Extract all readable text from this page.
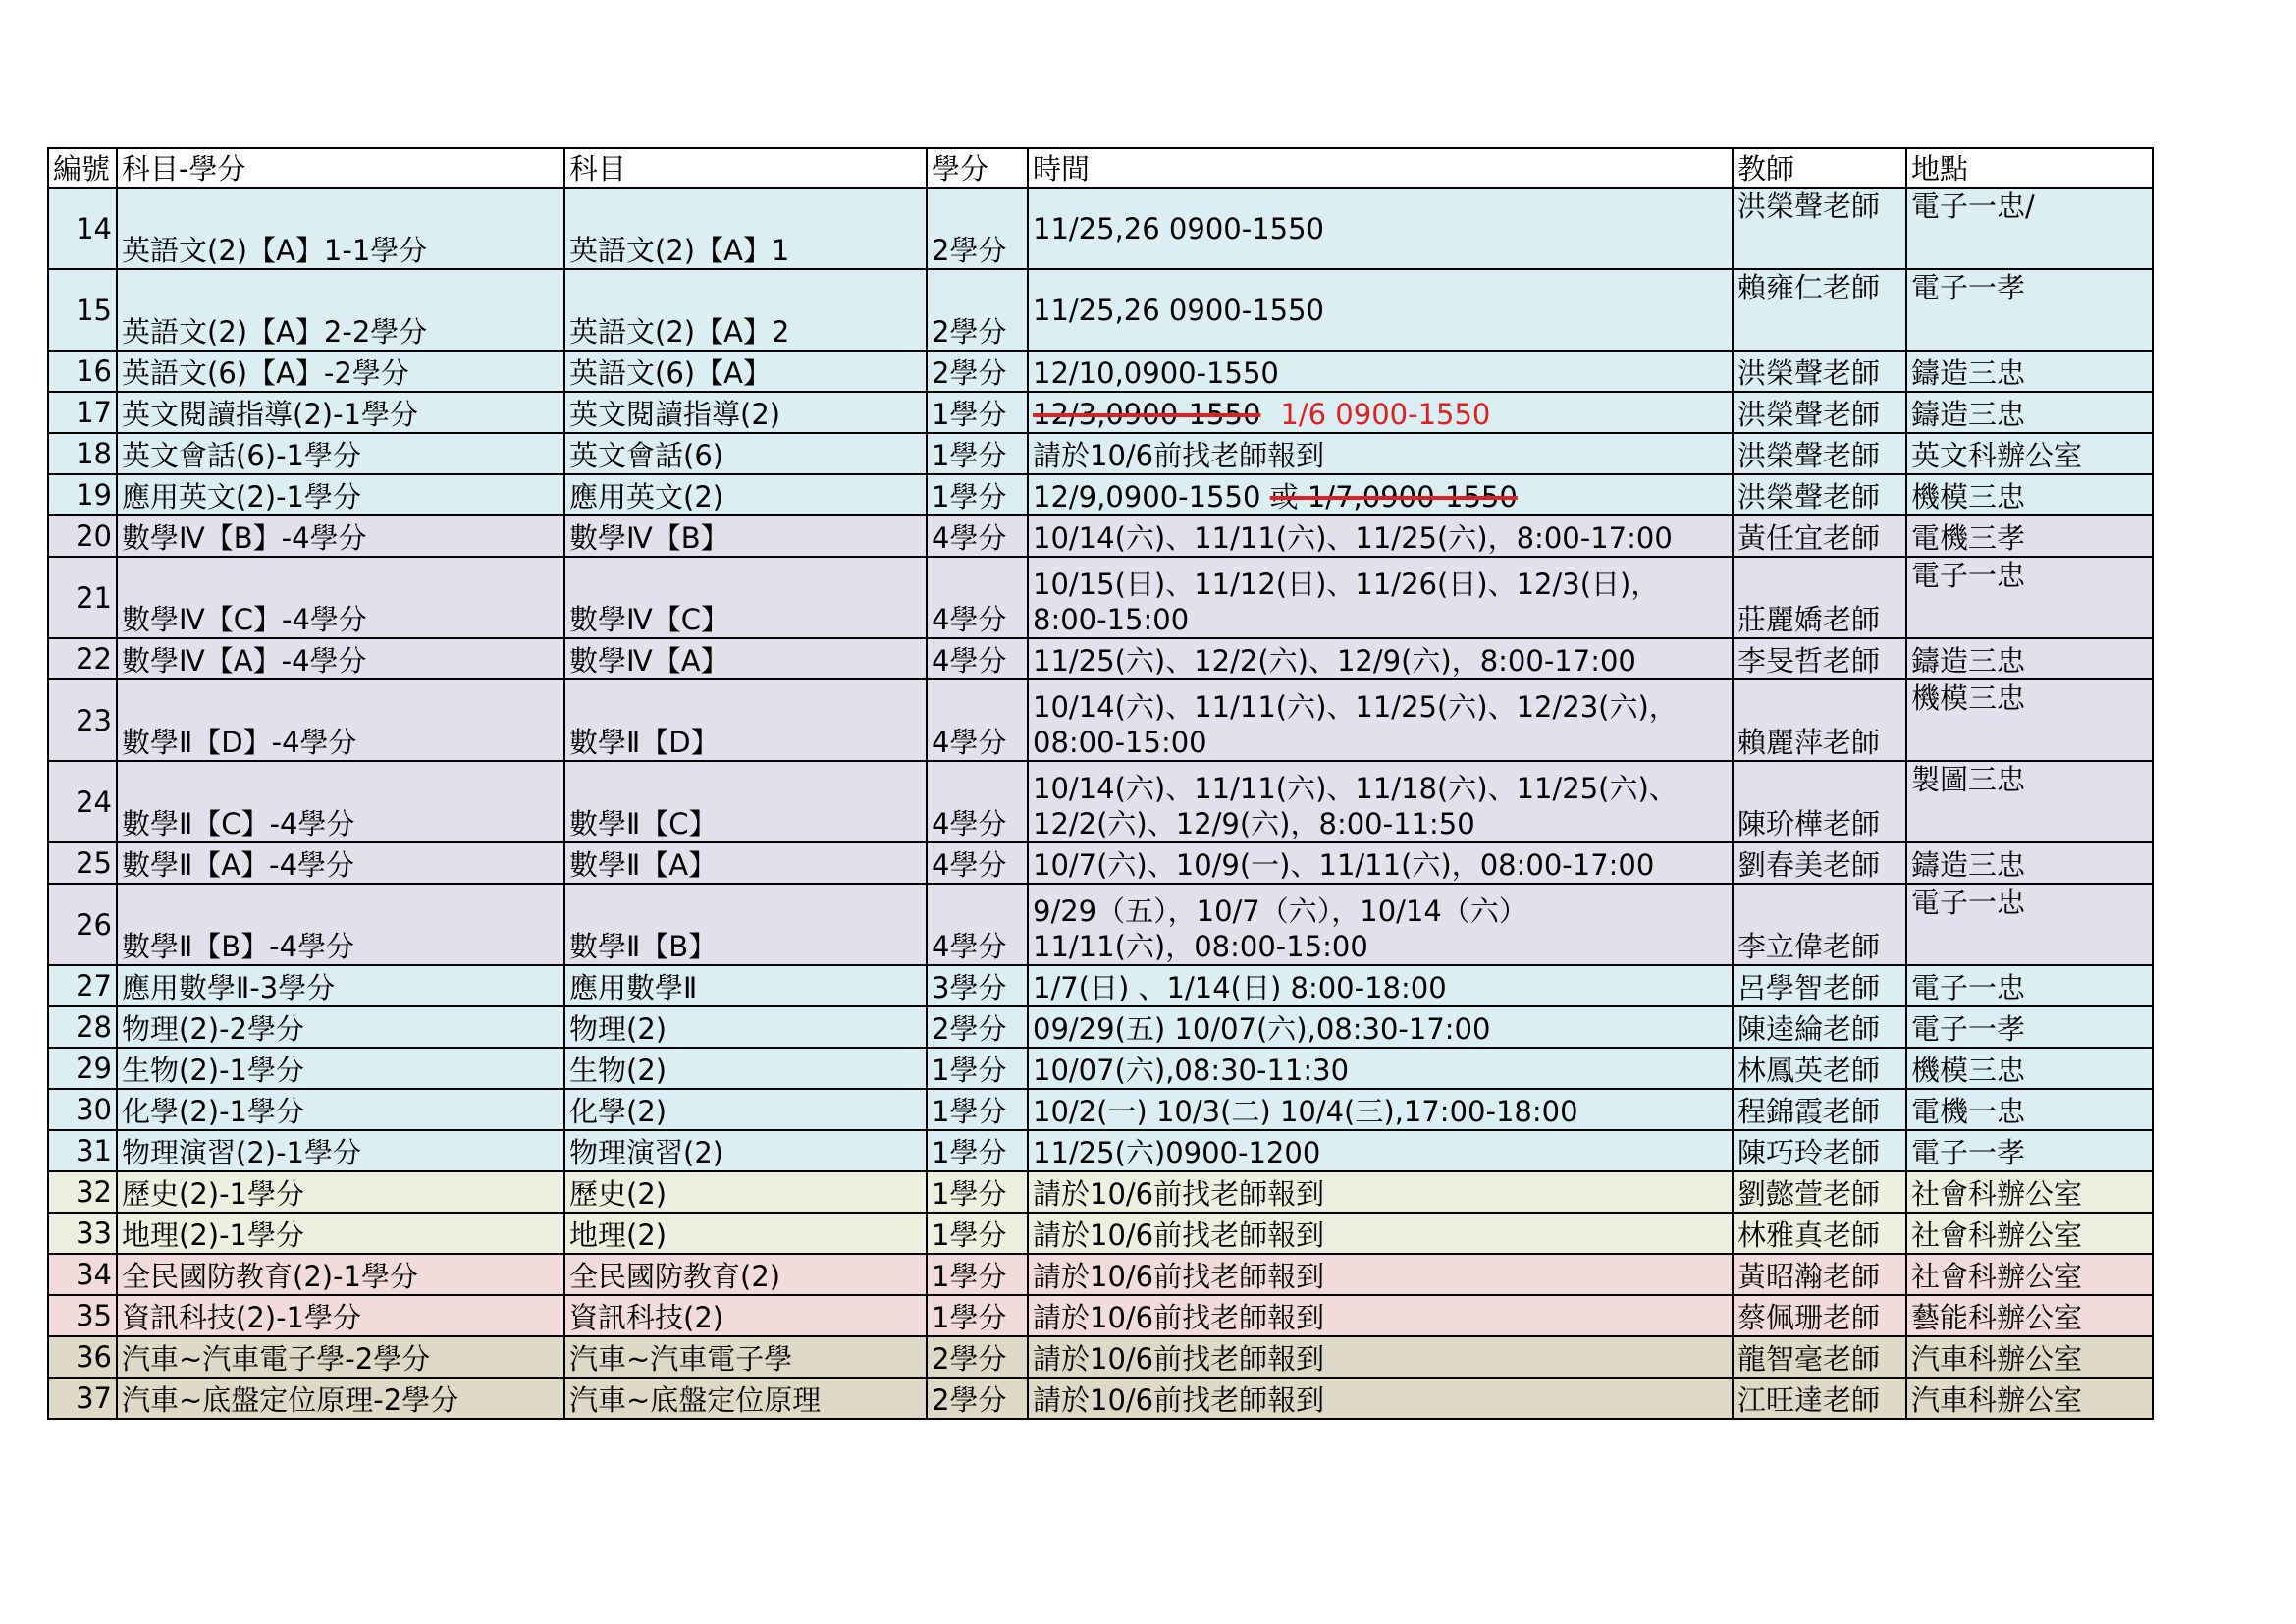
編號	科目-學分	科目	學分	時間	教師	地點
14	英語文(2)【A】1-1學分	英語文(2)【A】1	2學分	11/25,26 0900-1550	洪榮聲老師	電子一忠/
15	英語文(2)【A】2-2學分	英語文(2)【A】2	2學分	11/25,26 0900-1550	賴雍仁老師	電子一孝
16	英語文(6)【A】-2學分	英語文(6)【A】	2學分	12/10,0900-1550	洪榮聲老師	鑄造三忠
17	英文閱讀指導(2)-1學分	英文閱讀指導(2)	1學分	12/3,0900-1550 1/6 0900-1550	洪榮聲老師	鑄造三忠
18	英文會話(6)-1學分	英文會話(6)	1學分	請於10/6前找老師報到	洪榮聲老師	英文科辦公室
19	應用英文(2)-1學分	應用英文(2)	1學分	12/9,0900-1550 或 1/7,0900-1550	洪榮聲老師	機模三忠
20	數學Ⅳ【B】-4學分	數學Ⅳ【B】	4學分	10/14(六)、11/11(六)、11/25(六)，8:00-17:00	黃任宜老師	電機三孝
21	數學Ⅳ【C】-4學分	數學Ⅳ【C】	4學分	10/15(日)、11/12(日)、11/26(日)、12/3(日)，
8:00-15:00	莊麗嬌老師	電子一忠
22	數學Ⅳ【A】-4學分	數學Ⅳ【A】	4學分	11/25(六)、12/2(六)、12/9(六)，8:00-17:00	李旻哲老師	鑄造三忠
23	數學Ⅱ【D】-4學分	數學Ⅱ【D】	4學分	10/14(六)、11/11(六)、11/25(六)、12/23(六)，
08:00-15:00	賴麗萍老師	機模三忠
24	數學Ⅱ【C】-4學分	數學Ⅱ【C】	4學分	10/14(六)、11/11(六)、11/18(六)、11/25(六)、
12/2(六)、12/9(六)，8:00-11:50	陳玠樺老師	製圖三忠
25	數學Ⅱ【A】-4學分	數學Ⅱ【A】	4學分	10/7(六)、10/9(一)、11/11(六)，08:00-17:00	劉春美老師	鑄造三忠
26	數學Ⅱ【B】-4學分	數學Ⅱ【B】	4學分	9/29（五），10/7（六），10/14（六）
11/11(六)，08:00-15:00	李立偉老師	電子一忠
27	應用數學Ⅱ-3學分	應用數學Ⅱ	3學分	1/7(日) 、1/14(日) 8:00-18:00	呂學智老師	電子一忠
28	物理(2)-2學分	物理(2)	2學分	09/29(五) 10/07(六),08:30-17:00	陳逵綸老師	電子一孝
29	生物(2)-1學分	生物(2)	1學分	10/07(六),08:30-11:30	林鳳英老師	機模三忠
30	化學(2)-1學分	化學(2)	1學分	10/2(一) 10/3(二) 10/4(三),17:00-18:00	程錦霞老師	電機一忠
31	物理演習(2)-1學分	物理演習(2)	1學分	11/25(六)0900-1200	陳巧玲老師	電子一孝
32	歷史(2)-1學分	歷史(2)	1學分	請於10/6前找老師報到	劉懿萱老師	社會科辦公室
33	地理(2)-1學分	地理(2)	1學分	請於10/6前找老師報到	林雅真老師	社會科辦公室
34	全民國防教育(2)-1學分	全民國防教育(2)	1學分	請於10/6前找老師報到	黃昭瀚老師	社會科辦公室
35	資訊科技(2)-1學分	資訊科技(2)	1學分	請於10/6前找老師報到	蔡佩珊老師	藝能科辦公室
36	汽車~汽車電子學-2學分	汽車~汽車電子學	2學分	請於10/6前找老師報到	龍智毫老師	汽車科辦公室
37	汽車~底盤定位原理-2學分	汽車~底盤定位原理	2學分	請於10/6前找老師報到	江旺達老師	汽車科辦公室
